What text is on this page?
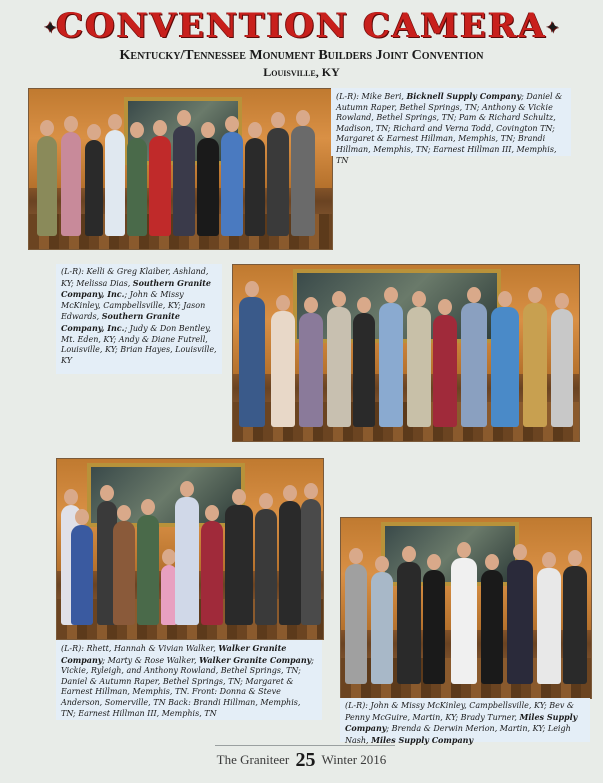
✦CONVENTION CAMERA✦
Kentucky/Tennessee Monument Builders Joint Convention
Louisville, KY
(L-R): Mike Beri, Bicknell Supply Company; Daniel & Autumn Raper, Bethel Springs, TN; Anthony & Vickie Rowland, Bethel Springs, TN; Pam & Richard Schultz, Madison, TN; Richard and Verna Todd, Covington TN; Margaret & Earnest Hillman, Memphis, TN; Brandi Hillman, Memphis, TN; Earnest Hillman III, Memphis, TN
(L-R): Kelli & Greg Klaiber, Ashland, KY; Melissa Dias, Southern Granite Company, Inc.; John & Missy McKinley, Campbellsville, KY; Jason Edwards, Southern Granite Company, Inc.; Judy & Don Bentley, Mt. Eden, KY; Andy & Diane Futrell, Louisville, KY; Brian Hayes, Louisville, KY
(L-R): Rhett, Hannah & Vivian Walker, Walker Granite Company; Marty & Rose Walker, Walker Granite Company; Vickie, Ryleigh, and Anthony Rowland, Bethel Springs, TN; Daniel & Autumn Raper, Bethel Springs, TN; Margaret & Earnest Hillman, Memphis, TN. Front: Donna & Steve Anderson, Somerville, TN Back: Brandi Hillman, Memphis, TN; Earnest Hillman III, Memphis, TN
(L-R): John & Missy McKinley, Campbellsville, KY; Bev & Penny McGuire, Martin, KY; Brady Turner, Miles Supply Company; Brenda & Derwin Merion, Martin, KY; Leigh Nash, Miles Supply Company
The Graniteer 25 Winter 2016
